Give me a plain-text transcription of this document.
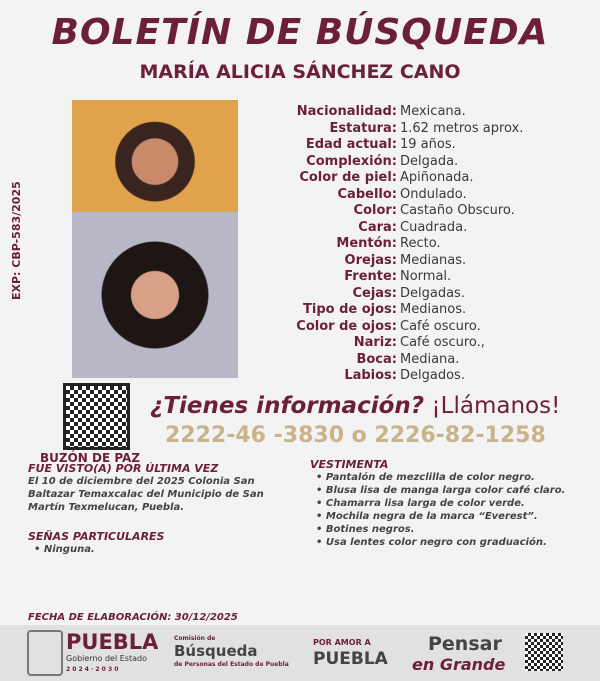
BOLETÍN DE BÚSQUEDA
MARÍA ALICIA SÁNCHEZ CANO
EXP: CBP-583/2025
Nacionalidad: Mexicana.
Estatura: 1.62 metros aprox.
Edad actual: 19 años.
Complexión: Delgada.
Color de piel: Apiñonada.
Cabello: Ondulado.
Color: Castaño Obscuro.
Cara: Cuadrada.
Mentón: Recto.
Orejas: Medianas.
Frente: Normal.
Cejas: Delgadas.
Tipo de ojos: Medianos.
Color de ojos: Café oscuro.
Nariz: Café oscuro.,
Boca: Mediana.
Labios: Delgados.
BUZÓN DE PAZ
¿Tienes información? ¡Llámanos!
2222-46 -3830 o 2226-82-1258
FUE VISTO(A) POR ÚLTIMA VEZ
El 10 de diciembre del 2025 Colonia San Baltazar Temaxcalac del Municipio de San Martín Texmelucan, Puebla.
SEÑAS PARTICULARES
• Ninguna.
VESTIMENTA
• Pantalón de mezclilla de color negro.
• Blusa lisa de manga larga color café claro.
• Chamarra lisa larga de color verde.
• Mochila negra de la marca “Everest”.
• Botines negros.
• Usa lentes color negro con graduación.
FECHA DE ELABORACIÓN: 30/12/2025
PUEBLA
Gobierno del Estado
2 0 2 4 · 2 0 3 0
Comisión de
Búsqueda
de Personas del Estado de Puebla
POR AMOR A
PUEBLA
Pensar
en Grande
